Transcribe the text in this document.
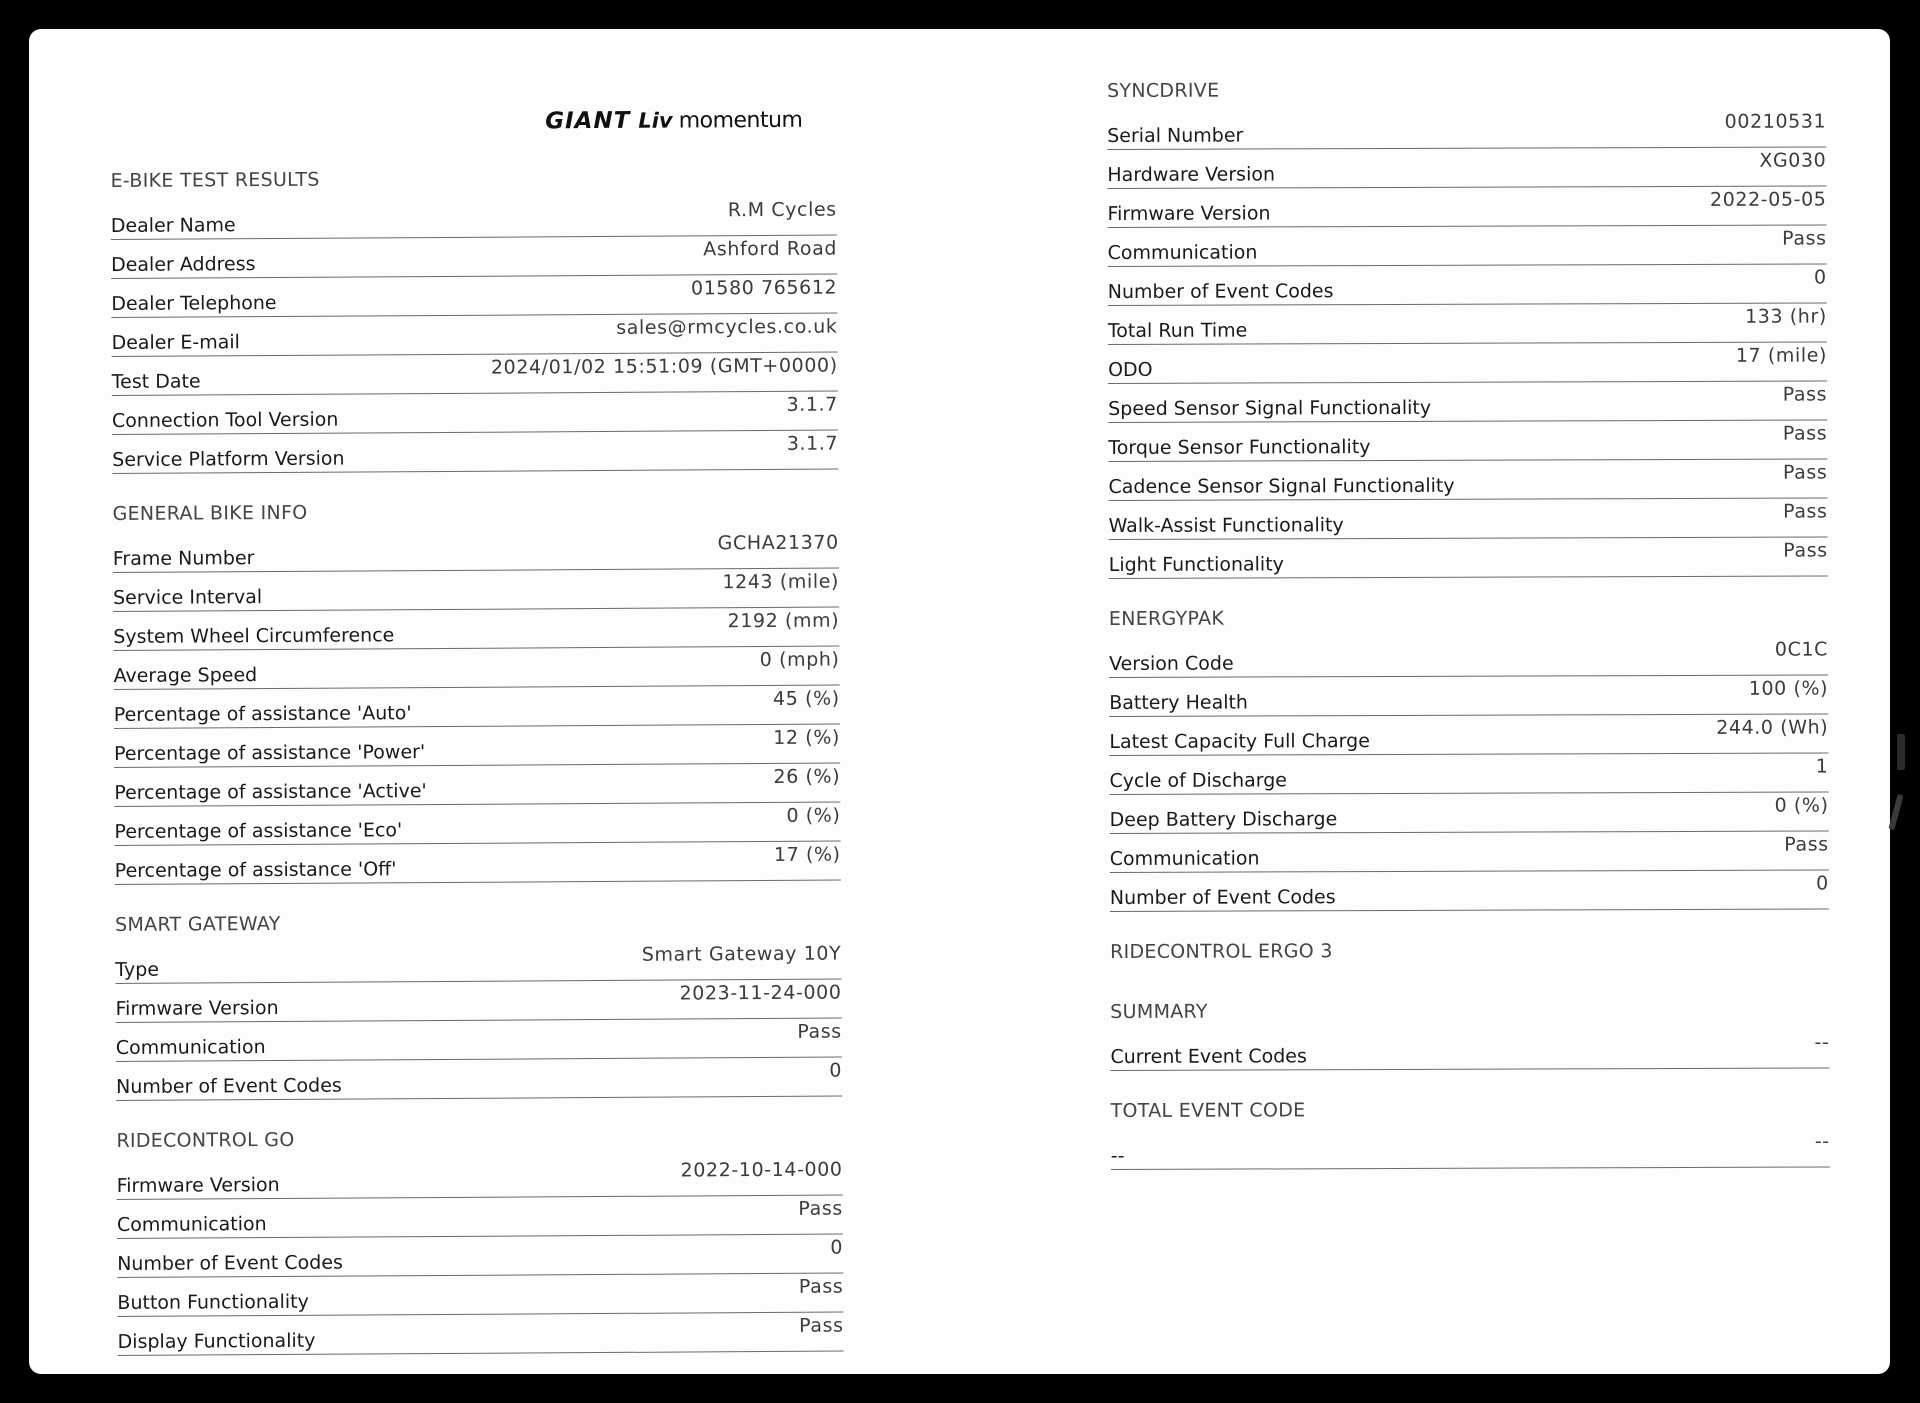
GIANT Liv momentum
E-BIKE TEST RESULTS
Dealer Name
R.M Cycles
Dealer Address
Ashford Road
Dealer Telephone
01580 765612
Dealer E-mail
sales@rmcycles.co.uk
Test Date
2024/01/02 15:51:09 (GMT+0000)
Connection Tool Version
3.1.7
Service Platform Version
3.1.7
GENERAL BIKE INFO
Frame Number
GCHA21370
Service Interval
1243 (mile)
System Wheel Circumference
2192 (mm)
Average Speed
0 (mph)
Percentage of assistance 'Auto'
45 (%)
Percentage of assistance 'Power'
12 (%)
Percentage of assistance 'Active'
26 (%)
Percentage of assistance 'Eco'
0 (%)
Percentage of assistance 'Off'
17 (%)
SMART GATEWAY
Type
Smart Gateway 10Y
Firmware Version
2023-11-24-000
Communication
Pass
Number of Event Codes
0
RIDECONTROL GO
Firmware Version
2022-10-14-000
Communication
Pass
Number of Event Codes
0
Button Functionality
Pass
Display Functionality
Pass
SYNCDRIVE
Serial Number
00210531
Hardware Version
XG030
Firmware Version
2022-05-05
Communication
Pass
Number of Event Codes
0
Total Run Time
133 (hr)
ODO
17 (mile)
Speed Sensor Signal Functionality
Pass
Torque Sensor Functionality
Pass
Cadence Sensor Signal Functionality
Pass
Walk-Assist Functionality
Pass
Light Functionality
Pass
ENERGYPAK
Version Code
0C1C
Battery Health
100 (%)
Latest Capacity Full Charge
244.0 (Wh)
Cycle of Discharge
1
Deep Battery Discharge
0 (%)
Communication
Pass
Number of Event Codes
0
RIDECONTROL ERGO 3
SUMMARY
Current Event Codes
--
TOTAL EVENT CODE
--
--
